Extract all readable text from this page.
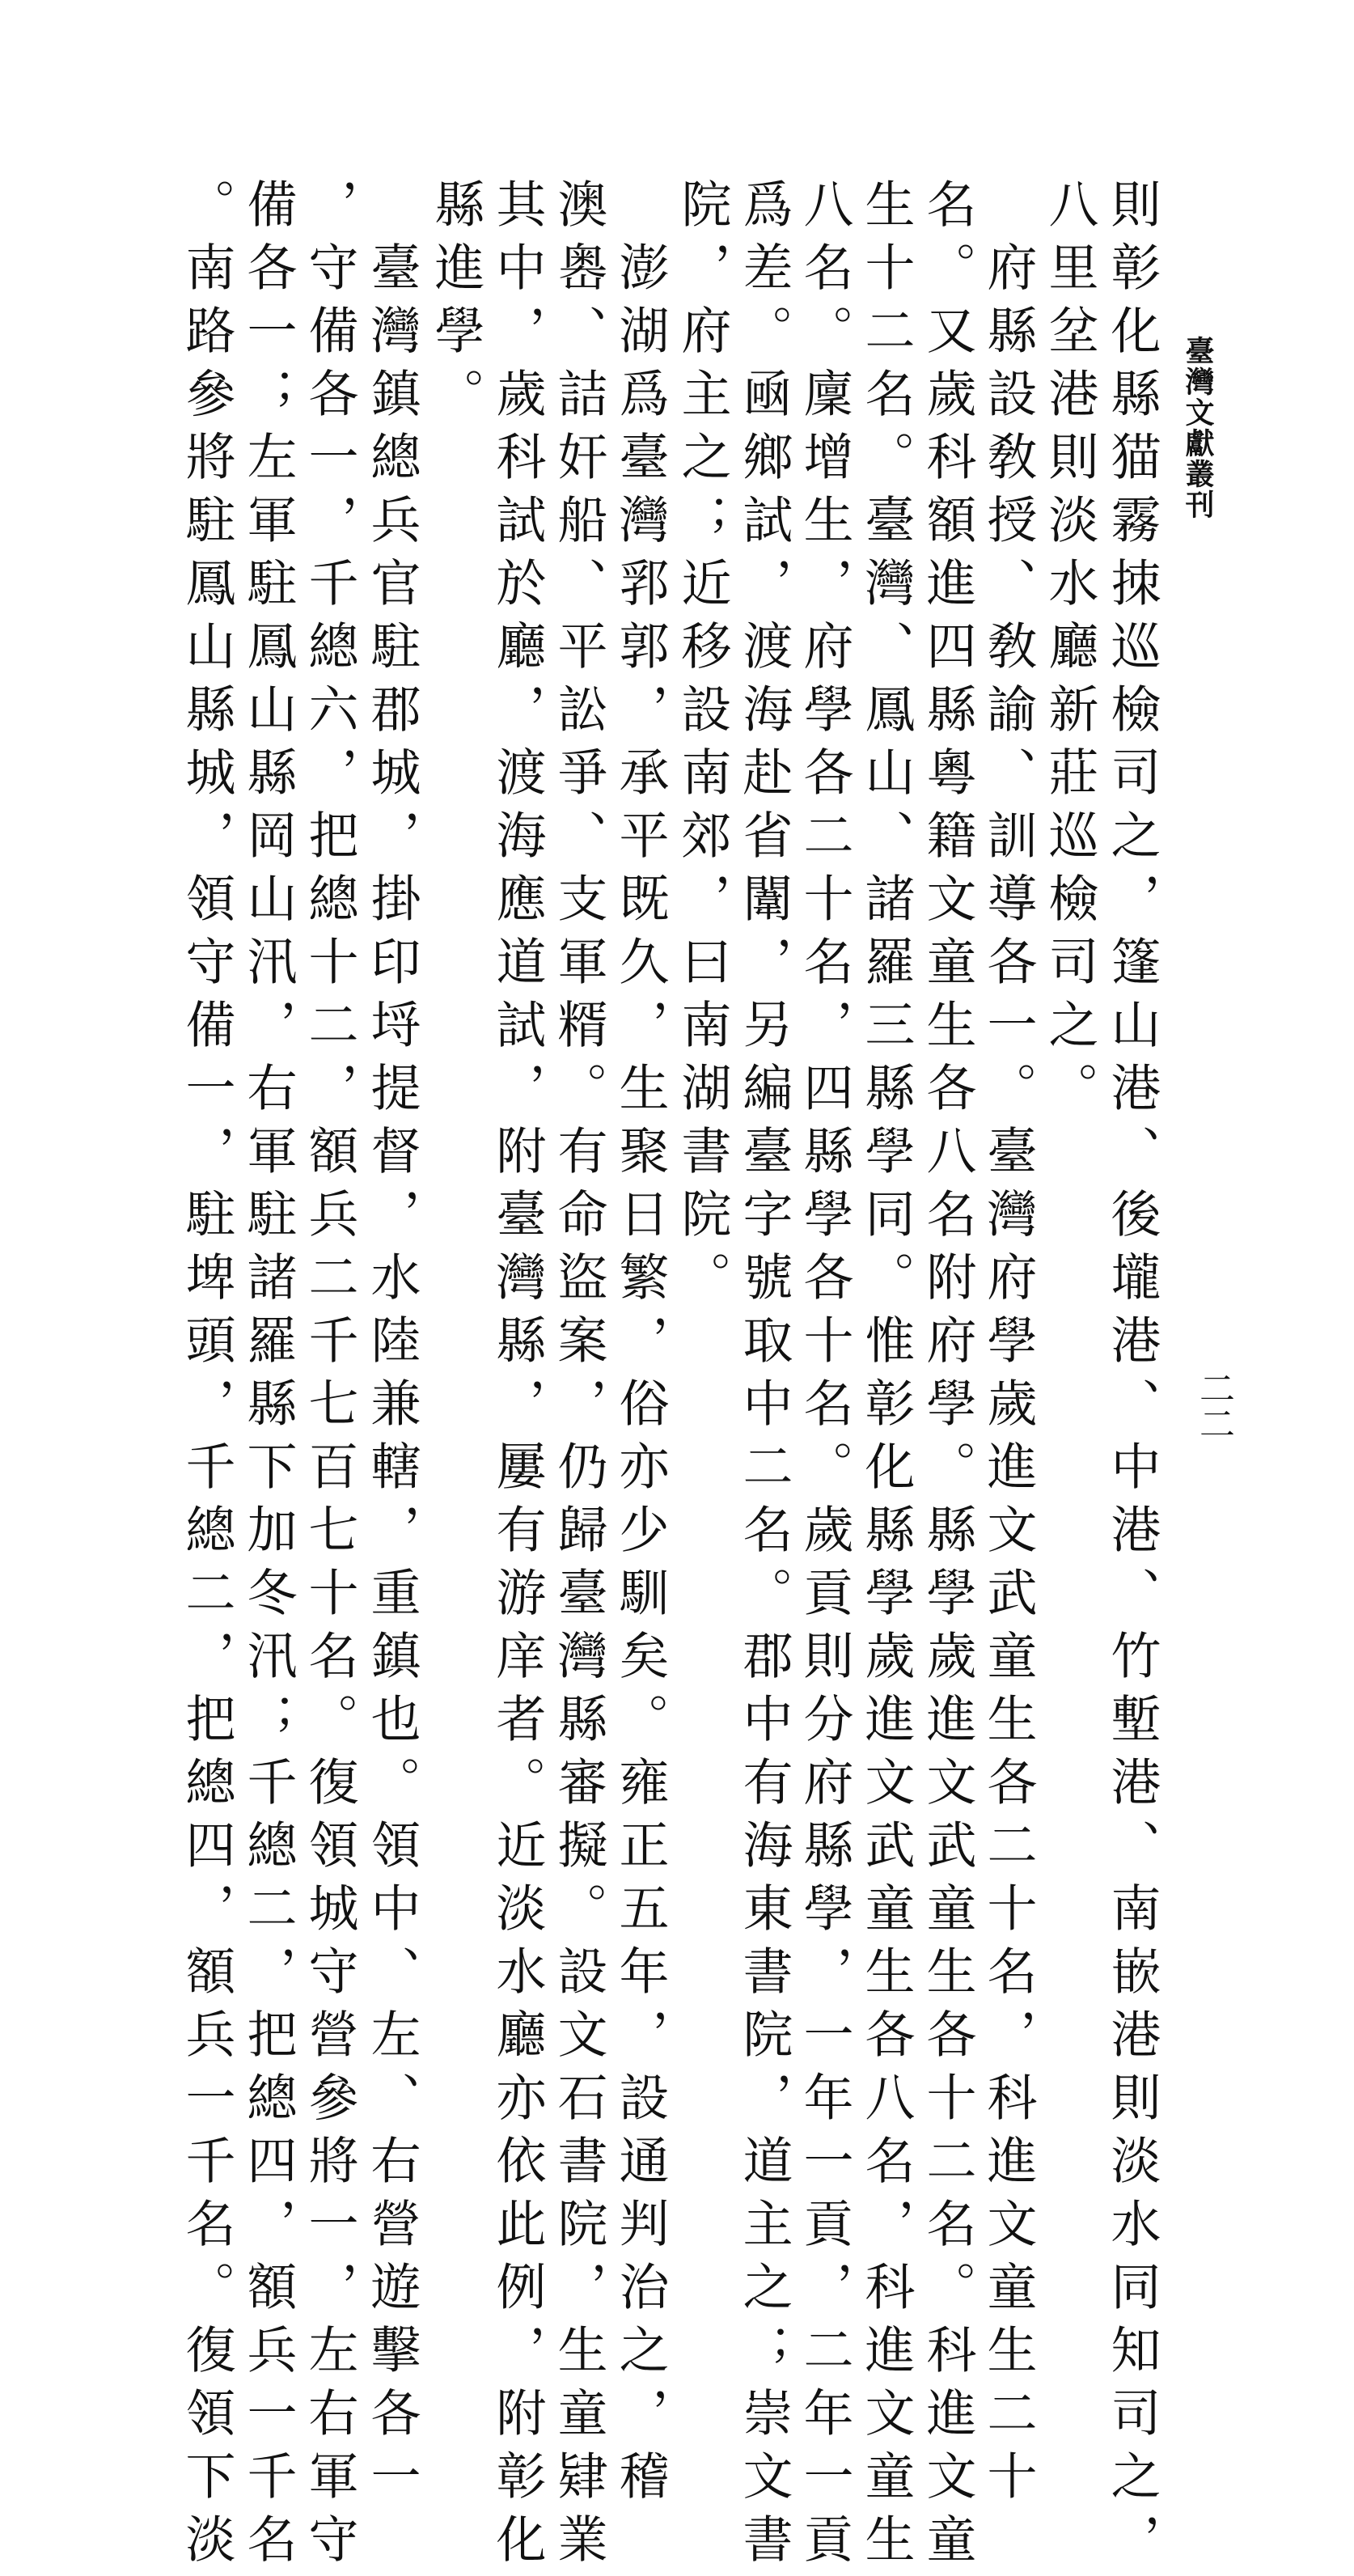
臺灣文獻叢刊
二二
則彰化縣猫霧拺巡檢司之，篷山港、後壠港、中港、竹塹港、南嵌港則淡水同知司之，
八里坌港則淡水廳新莊巡檢司之。
府縣設敎授、敎諭、訓導各一。臺灣府學歲進文武童生各二十名，科進文童生二十
名。又歲科額進四縣粵籍文童生各八名附府學。縣學歲進文武童生各十二名。科進文童
生十二名。臺灣、鳳山、諸羅三縣學同。惟彰化縣學歲進文武童生各八名，科進文童生
八名。廩增生，府學各二十名，四縣學各十名。歲貢則分府縣學，一年一貢，二年一貢
爲差。凾鄉試，渡海赴省闈，另編臺字號取中二名。郡中有海東書院，道主之；崇文書
院，府主之；近移設南郊，曰南湖書院。
澎湖爲臺灣郛郭，承平既久，生聚日繁，俗亦少馴矣。雍正五年，設通判治之，稽
澳嶴、詰奸船、平訟爭、支軍糈。有命盜案，仍歸臺灣縣審擬。設文石書院，生童肄業
其中，歲科試於廳，渡海應道試，附臺灣縣，屢有游庠者。近淡水廳亦依此例，附彰化
縣進學。
臺灣鎮總兵官駐郡城，掛印埒提督，水陸兼轄，重鎮也。領中、左、右營遊擊各一
，守備各一，千總六，把總十二，額兵二千七百七十名。復領城守營參將一，左右軍守
備各一；左軍駐鳳山縣岡山汛，右軍駐諸羅縣下加冬汛；千總二，把總四，額兵一千名
。南路參將駐鳳山縣城，領守備一，駐埤頭，千總二，把總四，額兵一千名。復領下淡
